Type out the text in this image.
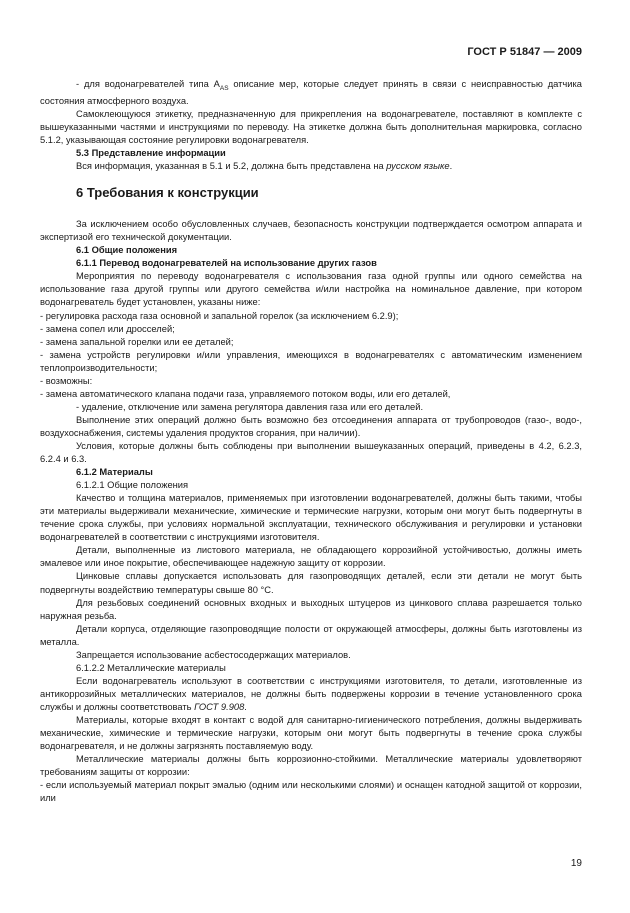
ГОСТ Р 51847 — 2009

- для водонагревателей типа $A_{AS}$ описание мер, которые следует принять в связи с неисправностью датчика состояния атмосферного воздуха.

Самоклеющуюся этикетку, предназначенную для прикрепления на водонагревателе, поставляют в комплекте с вышеуказанными частями и инструкциями по переводу. На этикетке должна быть дополнительная маркировка, согласно 5.1.2, указывающая состояние регулировки водонагревателя.

5.3 Представление информации

Вся информация, указанная в 5.1 и 5.2, должна быть представлена на русском языке.

6 Требования к конструкции

За исключением особо обусловленных случаев, безопасность конструкции подтверждается осмотром аппарата и экспертизой его технической документации.

6.1 Общие положения

6.1.1 Перевод водонагревателей на использование других газов

Мероприятия по переводу водонагревателя с использования газа одной группы или одного семейства на использование газа другой группы или другого семейства и/или настройка на номинальное давление, при котором водонагреватель будет установлен, указаны ниже:

- регулировка расхода газа основной и запальной горелок (за исключением 6.2.9);

- замена сопел или дросселей;

- замена запальной горелки или ее деталей;

- замена устройств регулировки и/или управления, имеющихся в водонагревателях с автоматическим изменением теплопроизводительности;

- возможны:

- замена автоматического клапана подачи газа, управляемого потоком воды, или его деталей,

- удаление, отключение или замена регулятора давления газа или его деталей.

Выполнение этих операций должно быть возможно без отсоединения аппарата от трубопроводов (газо-, водо-, воздухоснабжения, системы удаления продуктов сгорания, при наличии).

Условия, которые должны быть соблюдены при выполнении вышеуказанных операций, приведены в 4.2, 6.2.3, 6.2.4 и 6.3.

6.1.2 Материалы

6.1.2.1 Общие положения

Качество и толщина материалов, применяемых при изготовлении водонагревателей, должны быть такими, чтобы эти материалы выдерживали механические, химические и термические нагрузки, которым они могут быть подвергнуты в течение срока службы, при условиях нормальной эксплуатации, технического обслуживания и регулировки и установки водонагревателей в соответствии с инструкциями изготовителя.

Детали, выполненные из листового материала, не обладающего коррозийной устойчивостью, должны иметь эмалевое или иное покрытие, обеспечивающее надежную защиту от коррозии.

Цинковые сплавы допускается использовать для газопроводящих деталей, если эти детали не могут быть подвергнуты воздействию температуры свыше 80 °С.

Для резьбовых соединений основных входных и выходных штуцеров из цинкового сплава разрешается только наружная резьба.

Детали корпуса, отделяющие газопроводящие полости от окружающей атмосферы, должны быть изготовлены из металла.

Запрещается использование асбестосодержащих материалов.

6.1.2.2 Металлические материалы

Если водонагреватель используют в соответствии с инструкциями изготовителя, то детали, изготовленные из антикоррозийных металлических материалов, не должны быть подвержены коррозии в течение установленного срока службы и должны соответствовать ГОСТ 9.908.

Материалы, которые входят в контакт с водой для санитарно-гигиенического потребления, должны выдерживать механические, химические и термические нагрузки, которым они могут быть подвергнуты в течение срока службы водонагревателя, и не должны загрязнять поставляемую воду.

Металлические материалы должны быть коррозионно-стойкими. Металлические материалы удовлетворяют требованиям защиты от коррозии:

- если используемый материал покрыт эмалью (одним или несколькими слоями) и оснащен катодной защитой от коррозии, или

19
